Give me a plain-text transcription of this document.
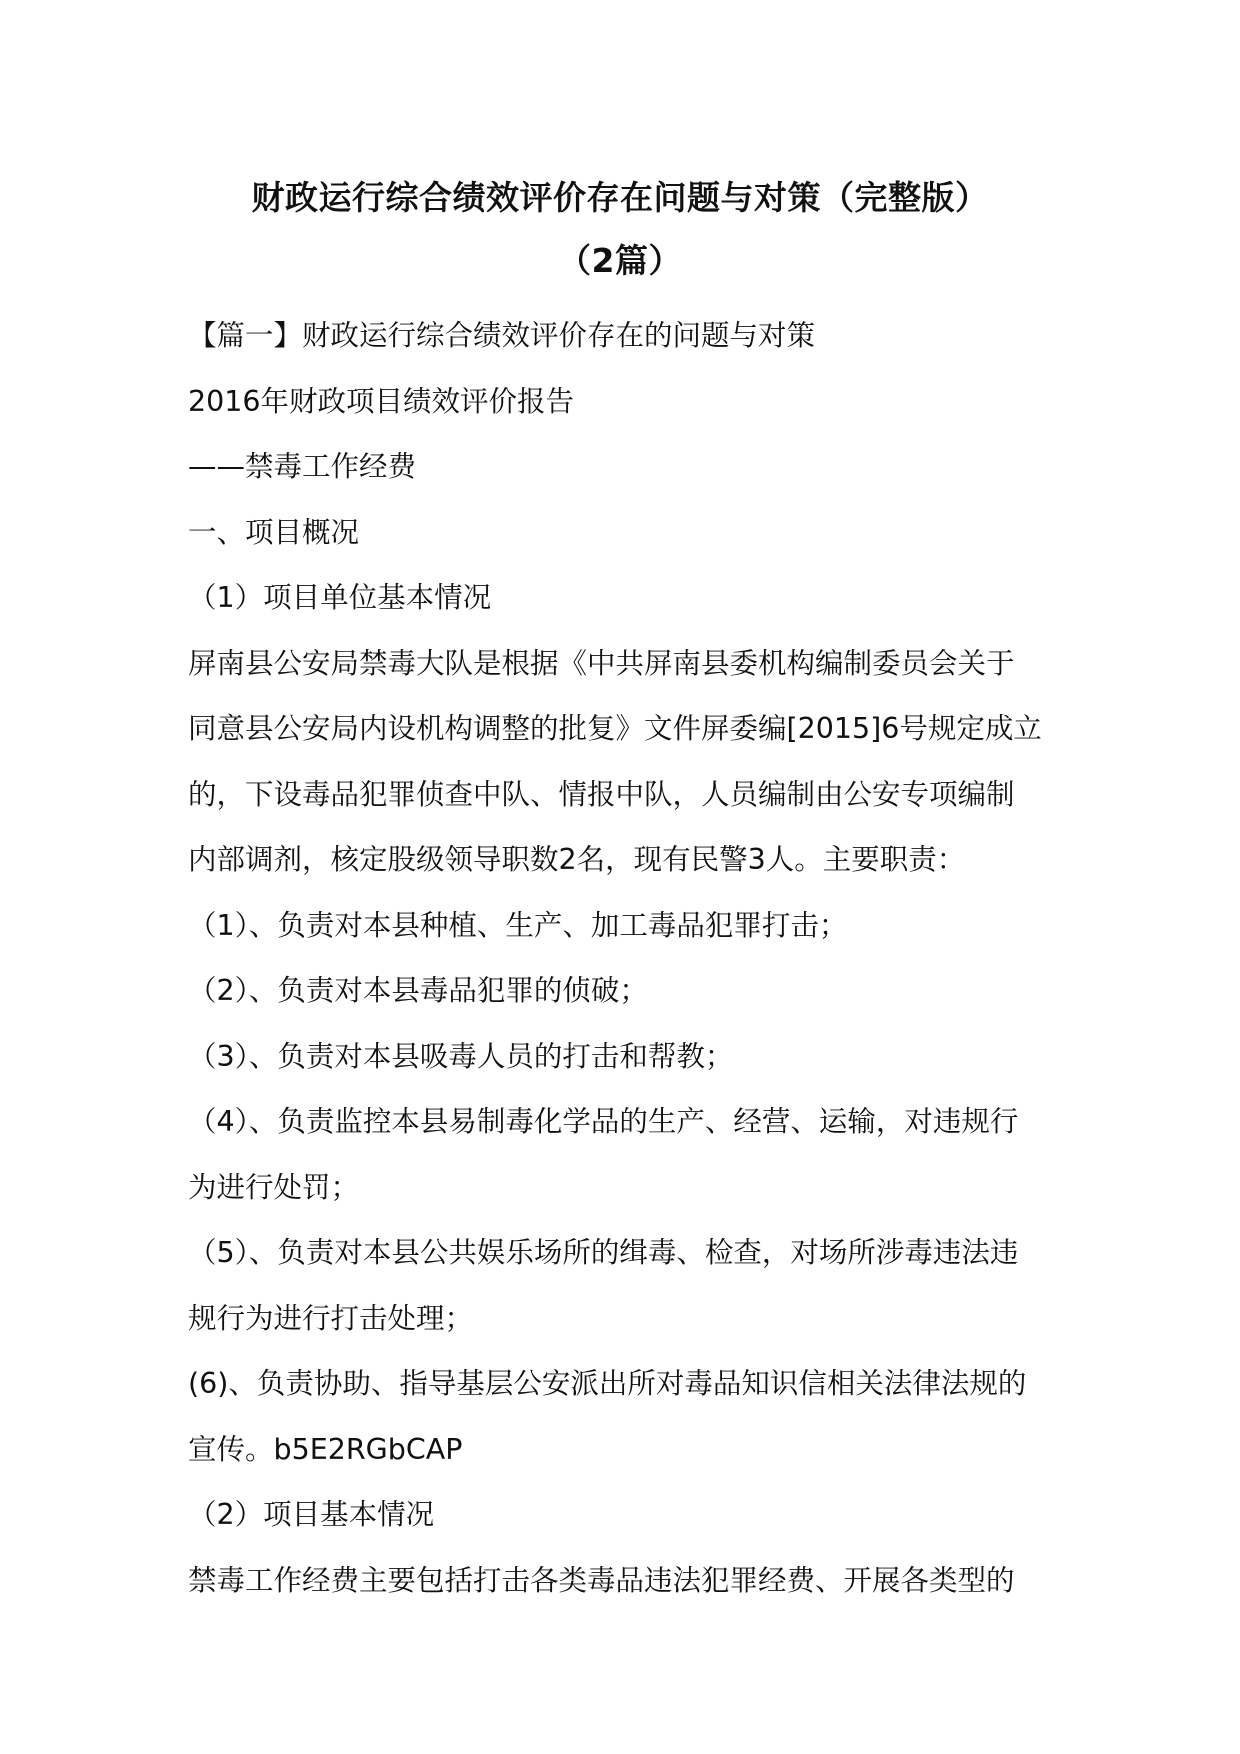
财政运行综合绩效评价存在问题与对策（完整版）
（2篇）
【篇一】财政运行综合绩效评价存在的问题与对策
2016年财政项目绩效评价报告
——禁毒工作经费
一、项目概况
（1）项目单位基本情况
屏南县公安局禁毒大队是根据《中共屏南县委机构编制委员会关于
同意县公安局内设机构调整的批复》文件屏委编[2015]6号规定成立
的，下设毒品犯罪侦查中队、情报中队，人员编制由公安专项编制
内部调剂，核定股级领导职数2名，现有民警3人。主要职责：
（1）、负责对本县种植、生产、加工毒品犯罪打击；
（2）、负责对本县毒品犯罪的侦破；
（3）、负责对本县吸毒人员的打击和帮教；
（4）、负责监控本县易制毒化学品的生产、经营、运输，对违规行
为进行处罚；
（5）、负责对本县公共娱乐场所的缉毒、检查，对场所涉毒违法违
规行为进行打击处理；
(6)、负责协助、指导基层公安派出所对毒品知识信相关法律法规的
宣传。b5E2RGbCAP
（2）项目基本情况
禁毒工作经费主要包括打击各类毒品违法犯罪经费、开展各类型的
